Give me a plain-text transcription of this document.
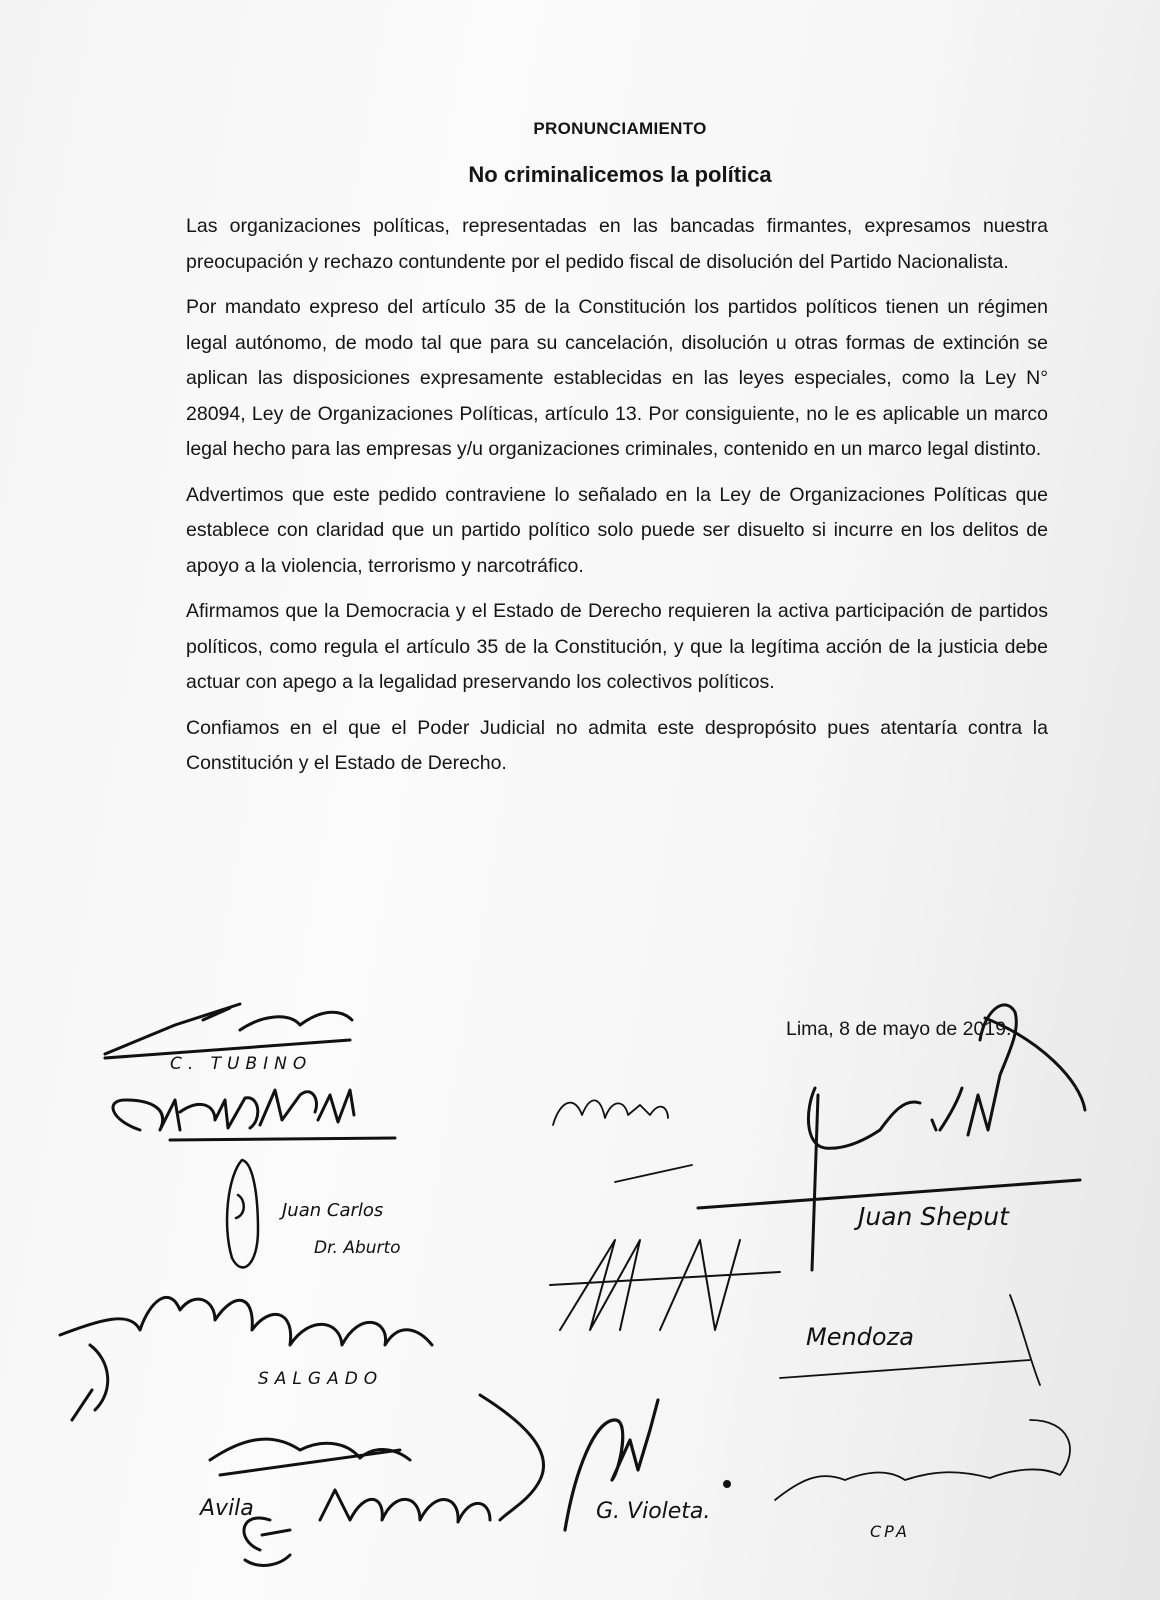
PRONUNCIAMIENTO
No criminalicemos la política

Las organizaciones políticas, representadas en las bancadas firmantes, expresamos nuestra preocupación y rechazo contundente por el pedido fiscal de disolución del Partido Nacionalista.

Por mandato expreso del artículo 35 de la Constitución los partidos políticos tienen un régimen legal autónomo, de modo tal que para su cancelación, disolución u otras formas de extinción se aplican las disposiciones expresamente establecidas en las leyes especiales, como la Ley N° 28094, Ley de Organizaciones Políticas, artículo 13. Por consiguiente, no le es aplicable un marco legal hecho para las empresas y/u organizaciones criminales, contenido en un marco legal distinto.

Advertimos que este pedido contraviene lo señalado en la Ley de Organizaciones Políticas que establece con claridad que un partido político solo puede ser disuelto si incurre en los delitos de apoyo a la violencia, terrorismo y narcotráfico.

Afirmamos que la Democracia y el Estado de Derecho requieren la activa participación de partidos políticos, como regula el artículo 35 de la Constitución, y que la legítima acción de la justicia debe actuar con apego a la legalidad preservando los colectivos políticos.

Confiamos en el que el Poder Judicial no admita este despropósito pues atentaría contra la Constitución y el Estado de Derecho.

Lima, 8 de mayo de 2019.
C. TUBINO
Juan Carlos
Dr. Aburto
Juan Sheput
SALGADO
Mendoza
Avila	G. Violeta.
CPA
